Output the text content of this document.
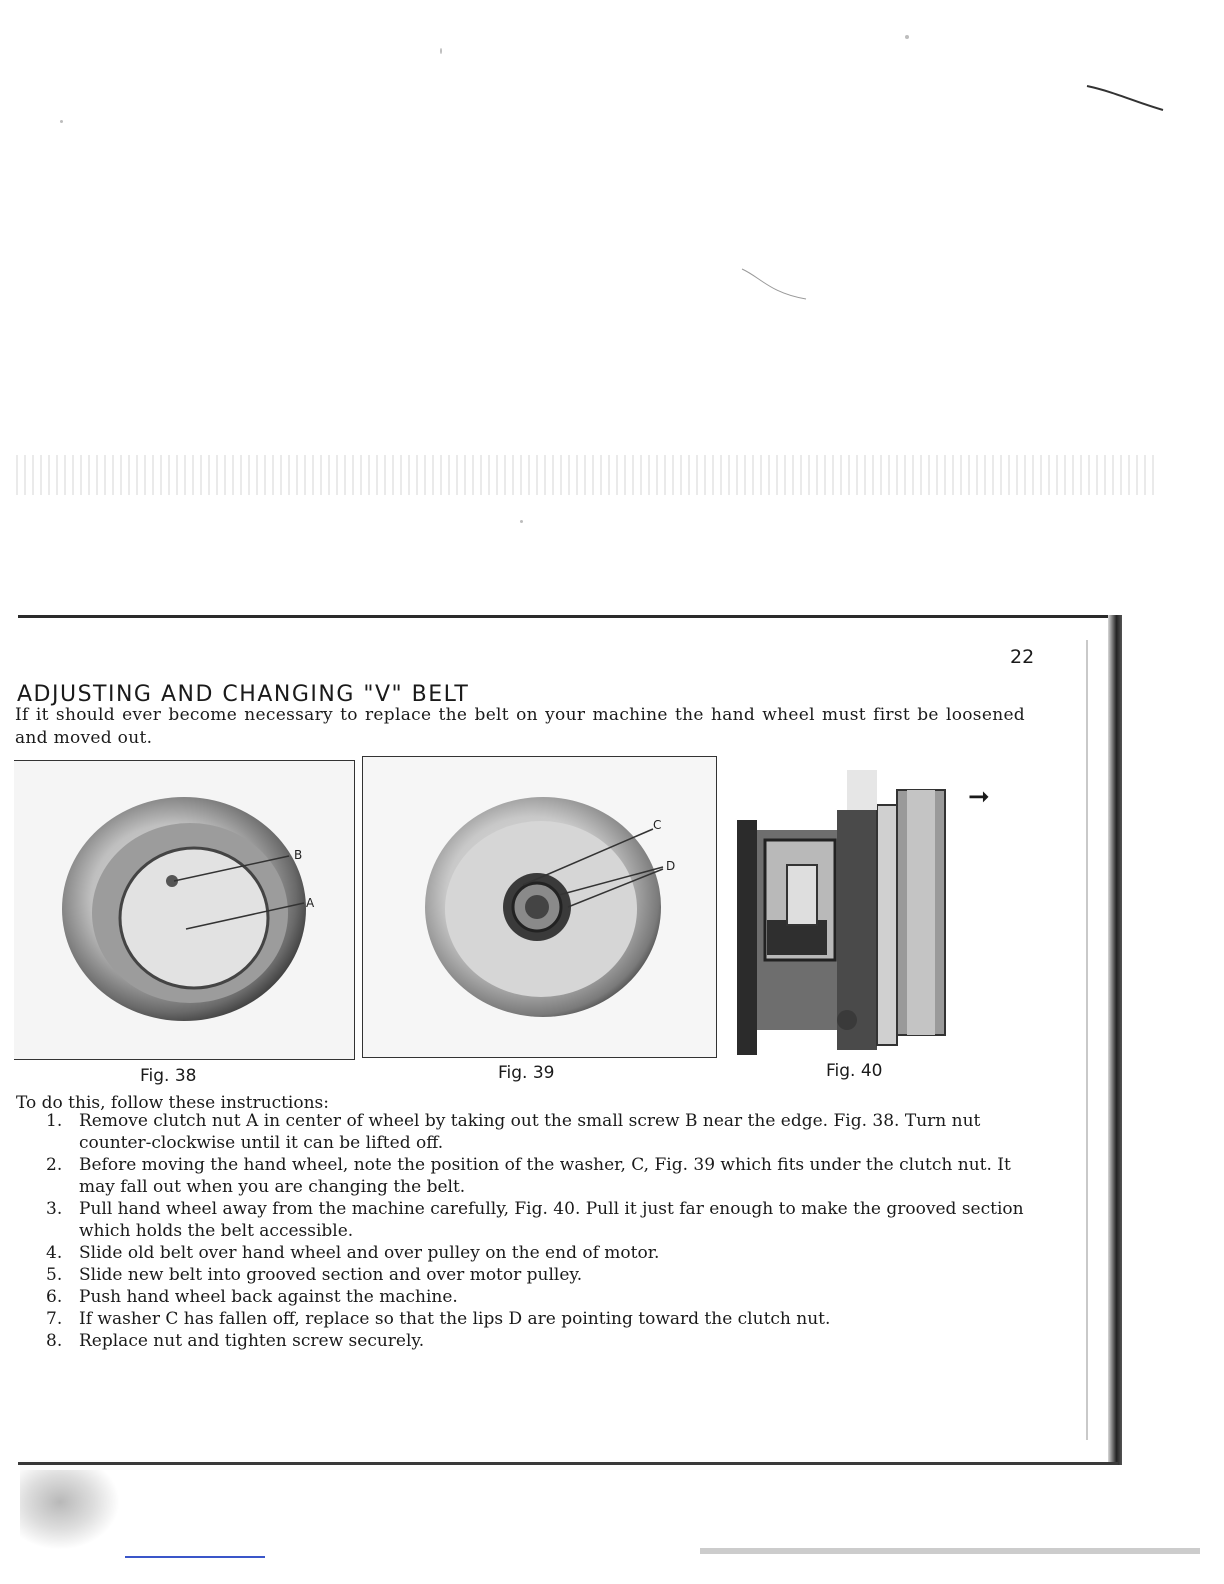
22
ADJUSTING AND CHANGING "V" BELT
If it should ever become necessary to replace the belt on your machine the hand wheel must first be loosened and moved out.
B
A
C
D
➞
Fig. 38	Fig. 39	Fig. 40
To do this, follow these instructions:
1. Remove clutch nut A in center of wheel by taking out the small screw B near the edge. Fig. 38. Turn nut counter-clockwise until it can be lifted off.
2. Before moving the hand wheel, note the position of the washer, C, Fig. 39 which fits under the clutch nut. It may fall out when you are changing the belt.
3. Pull hand wheel away from the machine carefully, Fig. 40. Pull it just far enough to make the grooved section which holds the belt accessible.
4. Slide old belt over hand wheel and over pulley on the end of motor.
5. Slide new belt into grooved section and over motor pulley.
6. Push hand wheel back against the machine.
7. If washer C has fallen off, replace so that the lips D are pointing toward the clutch nut.
8. Replace nut and tighten screw securely.
